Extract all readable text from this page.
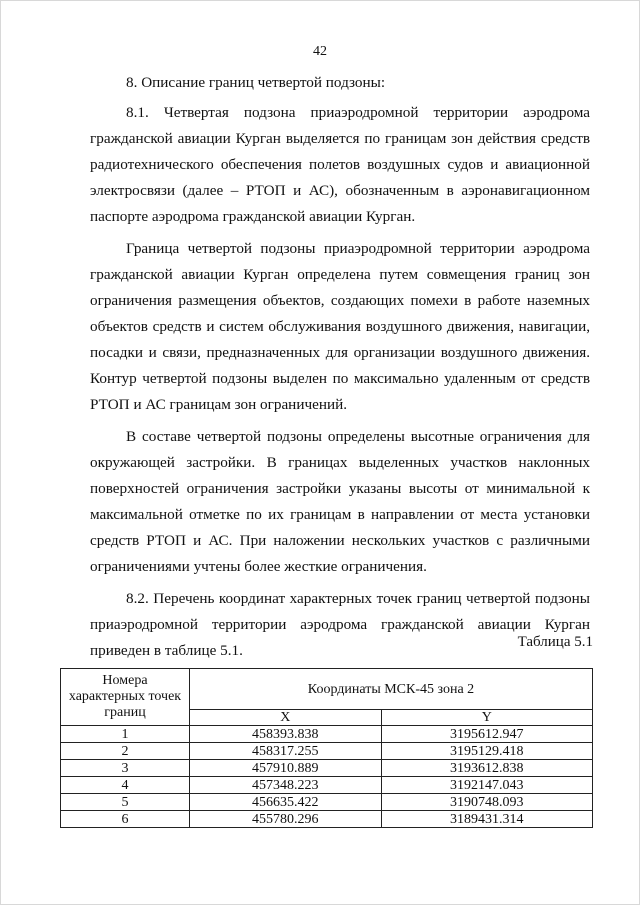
42

8. Описание границ четвертой подзоны:

8.1. Четвертая подзона приаэродромной территории аэродрома гражданской авиации Курган выделяется по границам зон действия средств радиотехнического обеспечения полетов воздушных судов и авиационной электросвязи (далее – РТОП и АС), обозначенным в аэронавигационном паспорте аэродрома гражданской авиации Курган.

Граница четвертой подзоны приаэродромной территории аэродрома гражданской авиации Курган определена путем совмещения границ зон ограничения размещения объектов, создающих помехи в работе наземных объектов средств и систем обслуживания воздушного движения, навигации, посадки и связи, предназначенных для организации воздушного движения. Контур четвертой подзоны выделен по максимально удаленным от средств РТОП и АС границам зон ограничений.

В составе четвертой подзоны определены высотные ограничения для окружающей застройки. В границах выделенных участков наклонных поверхностей ограничения застройки указаны высоты от минимальной к максимальной отметке по их границам в направлении от места установки средств РТОП и АС. При наложении нескольких участков с различными ограничениями учтены более жесткие ограничения.

8.2. Перечень координат характерных точек границ четвертой подзоны приаэродромной территории аэродрома гражданской авиации Курган приведен в таблице 5.1.	Таблица 5.1
Номера
характерных точек
границ	Координаты МСК-45 зона 2	
	X	Y
1	458393.838	3195612.947
2	458317.255	3195129.418
3	457910.889	3193612.838
4	457348.223	3192147.043
5	456635.422	3190748.093
6	455780.296	3189431.314
